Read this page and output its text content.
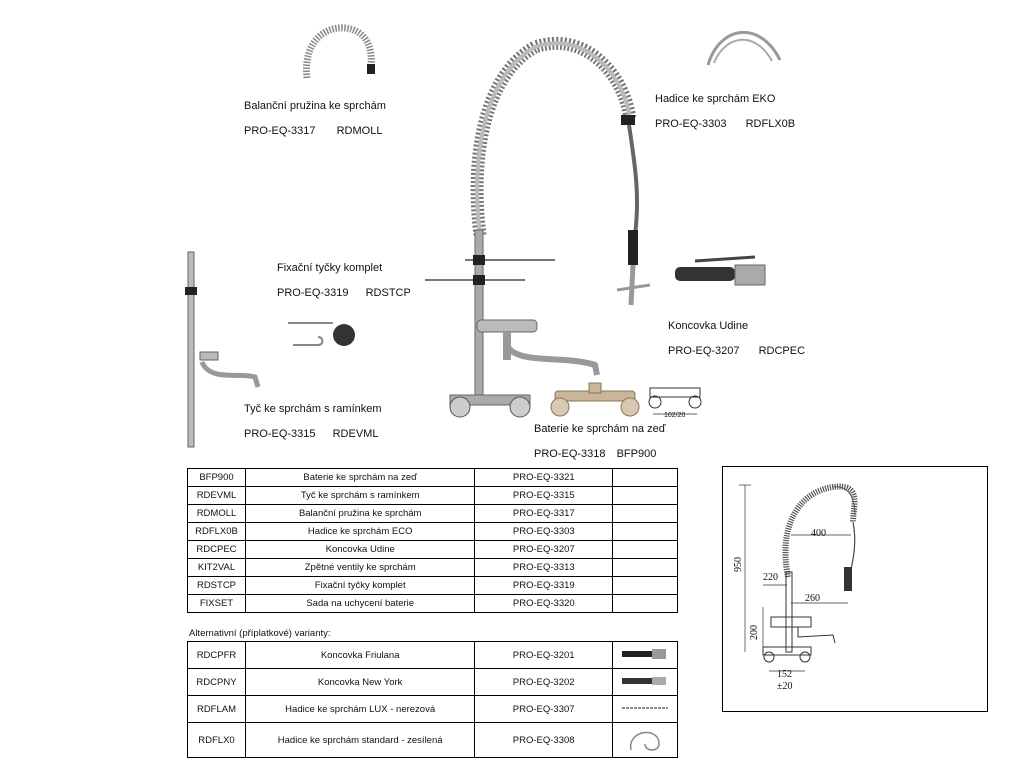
Balanční pružina ke sprchám
PRO-EQ-3317 RDMOLL
Hadice ke sprchám EKO
PRO-EQ-3303 RDFLX0B
Fixační tyčky komplet
PRO-EQ-3319 RDSTCP
Koncovka Udine
PRO-EQ-3207 RDCPEC
Tyč ke sprchám s ramínkem
PRO-EQ-3315 RDEVML
102/20
Baterie ke sprchám na zeď
PRO-EQ-3318 BFP900
BFP900	Baterie ke sprchám na zeď	PRO-EQ-3321	
RDEVML	Tyč ke sprchám s ramínkem	PRO-EQ-3315	
RDMOLL	Balanční pružina ke sprchám	PRO-EQ-3317	
RDFLX0B	Hadice ke sprchám ECO	PRO-EQ-3303	
RDCPEC	Koncovka Udine	PRO-EQ-3207	
KIT2VAL	Zpětné ventily ke sprchám	PRO-EQ-3313	
RDSTCP	Fixační tyčky komplet	PRO-EQ-3319	
FIXSET	Sada na uchycení baterie	PRO-EQ-3320	
Alternativní (příplatkové) varianty:
RDCPFR	Koncovka Friulana	PRO-EQ-3201	
RDCPNY	Koncovka New York	PRO-EQ-3202	
RDFLAM	Hadice ke sprchám LUX - nerezová	PRO-EQ-3307	
RDFLX0	Hadice ke sprchám standard - zesílená	PRO-EQ-3308	
400
950
220
260
200
152
±20
